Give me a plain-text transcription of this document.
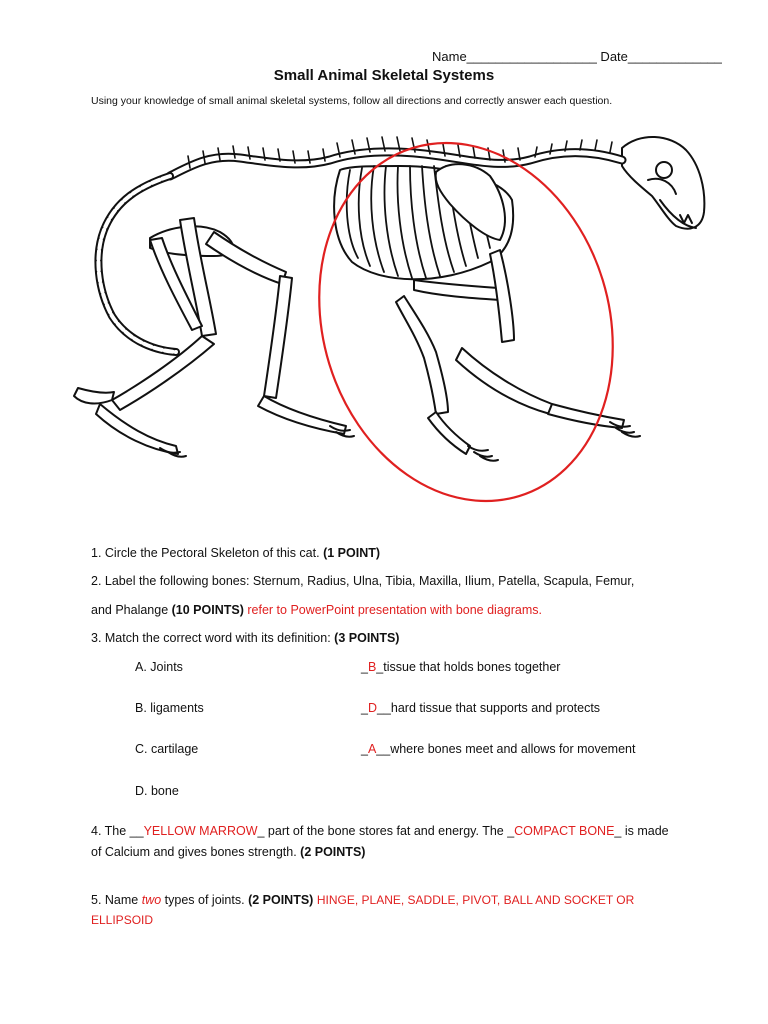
Name__________________ Date_____________
Small Animal Skeletal Systems
Using your knowledge of small animal skeletal systems, follow all directions and correctly answer each question.
1. Circle the Pectoral Skeleton of this cat. (1 POINT)
2. Label the following bones: Sternum, Radius, Ulna, Tibia, Maxilla, Ilium, Patella, Scapula, Femur,
and Phalange (10 POINTS) refer to PowerPoint presentation with bone diagrams.
3. Match the correct word with its definition: (3 POINTS)
A. Joints
B. ligaments
C. cartilage
D. bone
_B_tissue that holds bones together
_D__hard tissue that supports and protects
_A__where bones meet and allows for movement
4. The __YELLOW MARROW_ part of the bone stores fat and energy. The _COMPACT BONE_ is made
of Calcium and gives bones strength. (2 POINTS)
5. Name two types of joints. (2 POINTS) HINGE, PLANE, SADDLE, PIVOT, BALL AND SOCKET OR
ELLIPSOID
